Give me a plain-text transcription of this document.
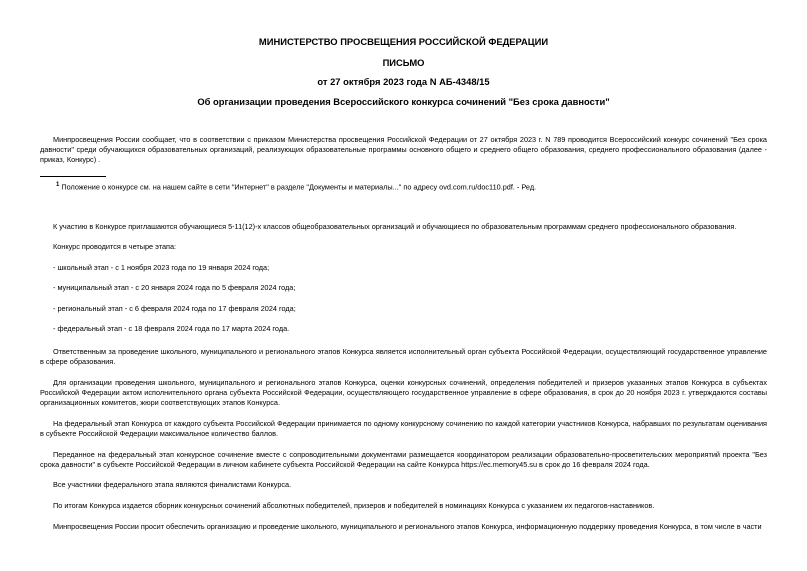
МИНИСТЕРСТВО ПРОСВЕЩЕНИЯ РОССИЙСКОЙ ФЕДЕРАЦИИ
ПИСЬМО
от 27 октября 2023 года N АБ-4348/15
Об организации проведения Всероссийского конкурса сочинений "Без срока давности"

Минпросвещения России сообщает, что в соответствии с приказом Министерства просвещения Российской Федерации от 27 октября 2023 г. N 789 проводится Всероссийский конкурс сочинений "Без срока давности" среди обучающихся образовательных организаций, реализующих образовательные программы основного общего и среднего общего образования, среднего профессионального образования (далее - приказ, Конкурс) .

$^1$ Положение о конкурсе см. на нашем сайте в сети "Интернет" в разделе "Документы и материалы..." по адресу ovd.com.ru/doc110.pdf. - Ред.

К участию в Конкурсе приглашаются обучающиеся 5-11(12)-х классов общеобразовательных организаций и обучающиеся по образовательным программам среднего профессионального образования.

Конкурс проводится в четыре этапа:

- школьный этап - с 1 ноября 2023 года по 19 января 2024 года;

- муниципальный этап - с 20 января 2024 года по 5 февраля 2024 года;

- региональный этап - с 6 февраля 2024 года по 17 февраля 2024 года;

- федеральный этап - с 18 февраля 2024 года по 17 марта 2024 года.

Ответственным за проведение школьного, муниципального и регионального этапов Конкурса является исполнительный орган субъекта Российской Федерации, осуществляющий государственное управление в сфере образования.

Для организации проведения школьного, муниципального и регионального этапов Конкурса, оценки конкурсных сочинений, определения победителей и призеров указанных этапов Конкурса в субъектах Российской Федерации актом исполнительного органа субъекта Российской Федерации, осуществляющего государственное управление в сфере образования, в срок до 20 ноября 2023 г. утверждаются составы организационных комитетов, жюри соответствующих этапов Конкурса.

На федеральный этап Конкурса от каждого субъекта Российской Федерации принимается по одному конкурсному сочинению по каждой категории участников Конкурса, набравших по результатам оценивания в субъекте Российской Федерации максимальное количество баллов.

Переданное на федеральный этап конкурсное сочинение вместе с сопроводительными документами размещается координатором реализации образовательно-просветительских мероприятий проекта "Без срока давности" в субъекте Российской Федерации в личном кабинете субъекта Российской Федерации на сайте Конкурса https://ec.memory45.su в срок до 16 февраля 2024 года.

Все участники федерального этапа являются финалистами Конкурса.

По итогам Конкурса издается сборник конкурсных сочинений абсолютных победителей, призеров и победителей в номинациях Конкурса с указанием их педагогов-наставников.

Минпросвещения России просит обеспечить организацию и проведение школьного, муниципального и регионального этапов Конкурса, информационную поддержку проведения Конкурса, в том числе в части
